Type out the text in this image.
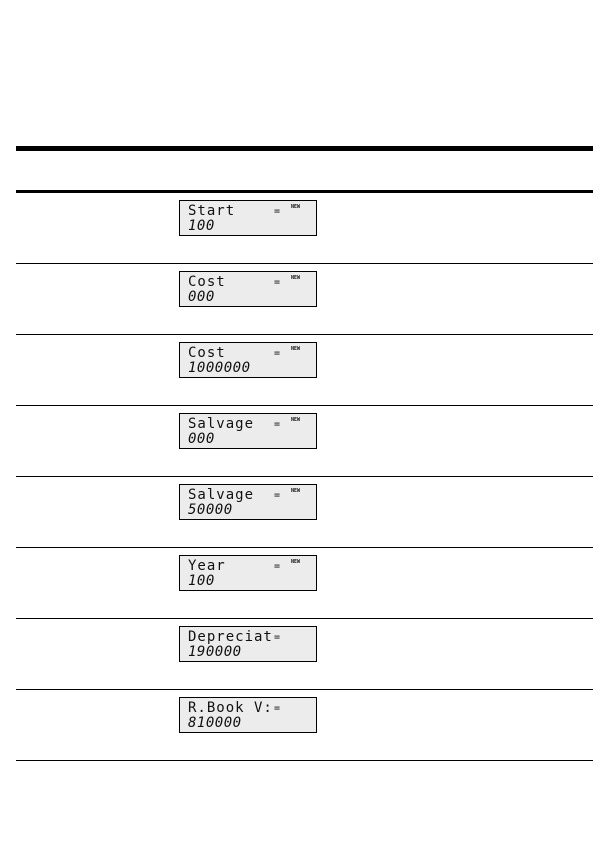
Start	= NEW
100
Cost	= NEW
000
Cost	= NEW
1000000
Salvage = NEW
000
Salvage = NEW
50000
Year	= NEW
100
Depreciat =
190000
R.Book V: =
810000
